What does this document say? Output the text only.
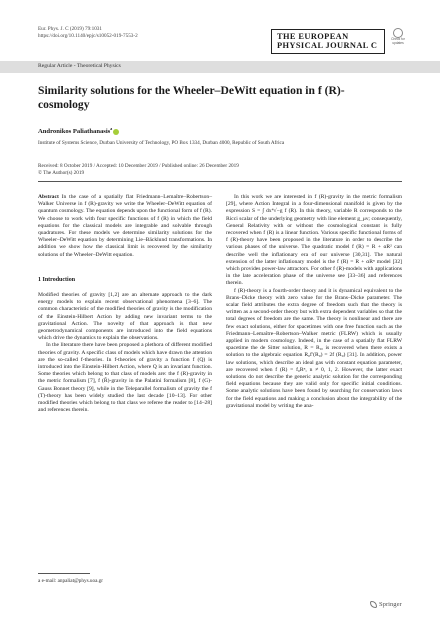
Eur. Phys. J. C (2019) 79:1031
https://doi.org/10.1140/epjc/s10052-019-7553-2	THE EUROPEAN
PHYSICAL JOURNAL C
Check for updates
Regular Article - Theoretical Physics
Similarity solutions for the Wheeler–DeWitt equation in f (R)-cosmology
Andronikos Paliathanasis$^a$
Institute of Systems Science, Durban University of Technology, PO Box 1334, Durban 4000, Republic of South Africa
Received: 8 October 2019 / Accepted: 10 December 2019 / Published online: 26 December 2019
© The Author(s) 2019

Abstract In the case of a spatially flat Friedmann–Lemaître–Robertson–Walker Universe in f (R)-gravity we write the Wheeler–DeWitt equation of quantum cosmology. The equation depends upon the functional form of f (R). We choose to work with four specific functions of f (R) in which the field equations for the classical models are integrable and solvable through quadratures. For these models we determine similarity solutions for the Wheeler–DeWitt equation by determining Lie–Bäcklund transformations. In addition we show how the classical limit is recovered by the similarity solutions of the Wheeler–DeWitt equation.

1 Introduction

Modified theories of gravity [1,2] are an alternate approach to the dark energy models to explain recent observational phenomena [3–6]. The common characteristic of the modified theories of gravity is the modification of the Einstein-Hilbert Action by adding new invariant terms to the gravitational Action. The novelty of that approach is that new geometrodynamical components are introduced into the field equations which drive the dynamics to explain the observations.

In the literature there have been proposed a plethora of different modified theories of gravity. A specific class of models which have drawn the attention are the so-called f-theories. In f-theories of gravity a function f (Q) is introduced into the Einstein-Hilbert Action, where Q is an invariant function. Some theories which belong to that class of models are: the f (R)-gravity in the metric formalism [7], f (R̂)-gravity in the Palatini formalism [8], f (G)-Gauss Bonnet theory [9], while in the Teleparallel formalism of gravity the f (T)-theory has been widely studied the last decade [10–13]. For other modified theories which belong to that class we referee the reader to [14–28] and references therein.

In this work we are interested in f (R)-gravity in the metric formalism [29], where Action Integral in a four-dimensional manifold is given by the expression S = ∫ dx⁴√−g f (R). In this theory, variable R corresponds to the Ricci scalar of the underlying geometry with line element g_μν; consequently, General Relativity with or without the cosmological constant is fully recovered when f (R) is a linear function. Various specific functional forms of f (R)-theory have been proposed in the literature in order to describe the various phases of the universe. The quadratic model f (R) = R + αR² can describe well the inflationary era of our universe [30,31]. The natural extension of the latter inflationary model is the f (R) = R + αRⁿ model [32] which provides power-law attractors. For other f (R)-models with applications in the late acceleration phase of the universe see [33–36] and references therein.

f (R)-theory is a fourth-order theory and it is dynamical equivalent to the Brans–Dicke theory with zero value for the Brans–Dicke parameter. The scalar field attributes the extra degree of freedom such that the theory is written as a second-order theory but with extra dependent variables so that the total degrees of freedom are the same. The theory is nonlinear and there are few exact solutions, either for spacetimes with one free function such as the Friedmann–Lemaître–Robertson–Walker metric (FLRW) which is usually applied in modern cosmology. Indeed, in the case of a spatially flat FLRW spacetime the de Sitter solution, R = R₀, is recovered when there exists a solution to the algebraic equation R₀f′(R₀) = 2f (R₀) [31]. In addition, power law solutions, which describe an ideal gas with constant equation parameter, are recovered when f (R) = f₀Rⁿ, n ≠ 0, 1, 2. However, the latter exact solutions do not describe the generic analytic solution for the corresponding field equations because they are valid only for specific initial conditions. Some analytic solutions have been found by searching for conservation laws for the field equations and making a conclusion about the integrability of the gravitational model by writing the ana-

a e-mail: anpaliat@phys.uoa.gr
Springer
